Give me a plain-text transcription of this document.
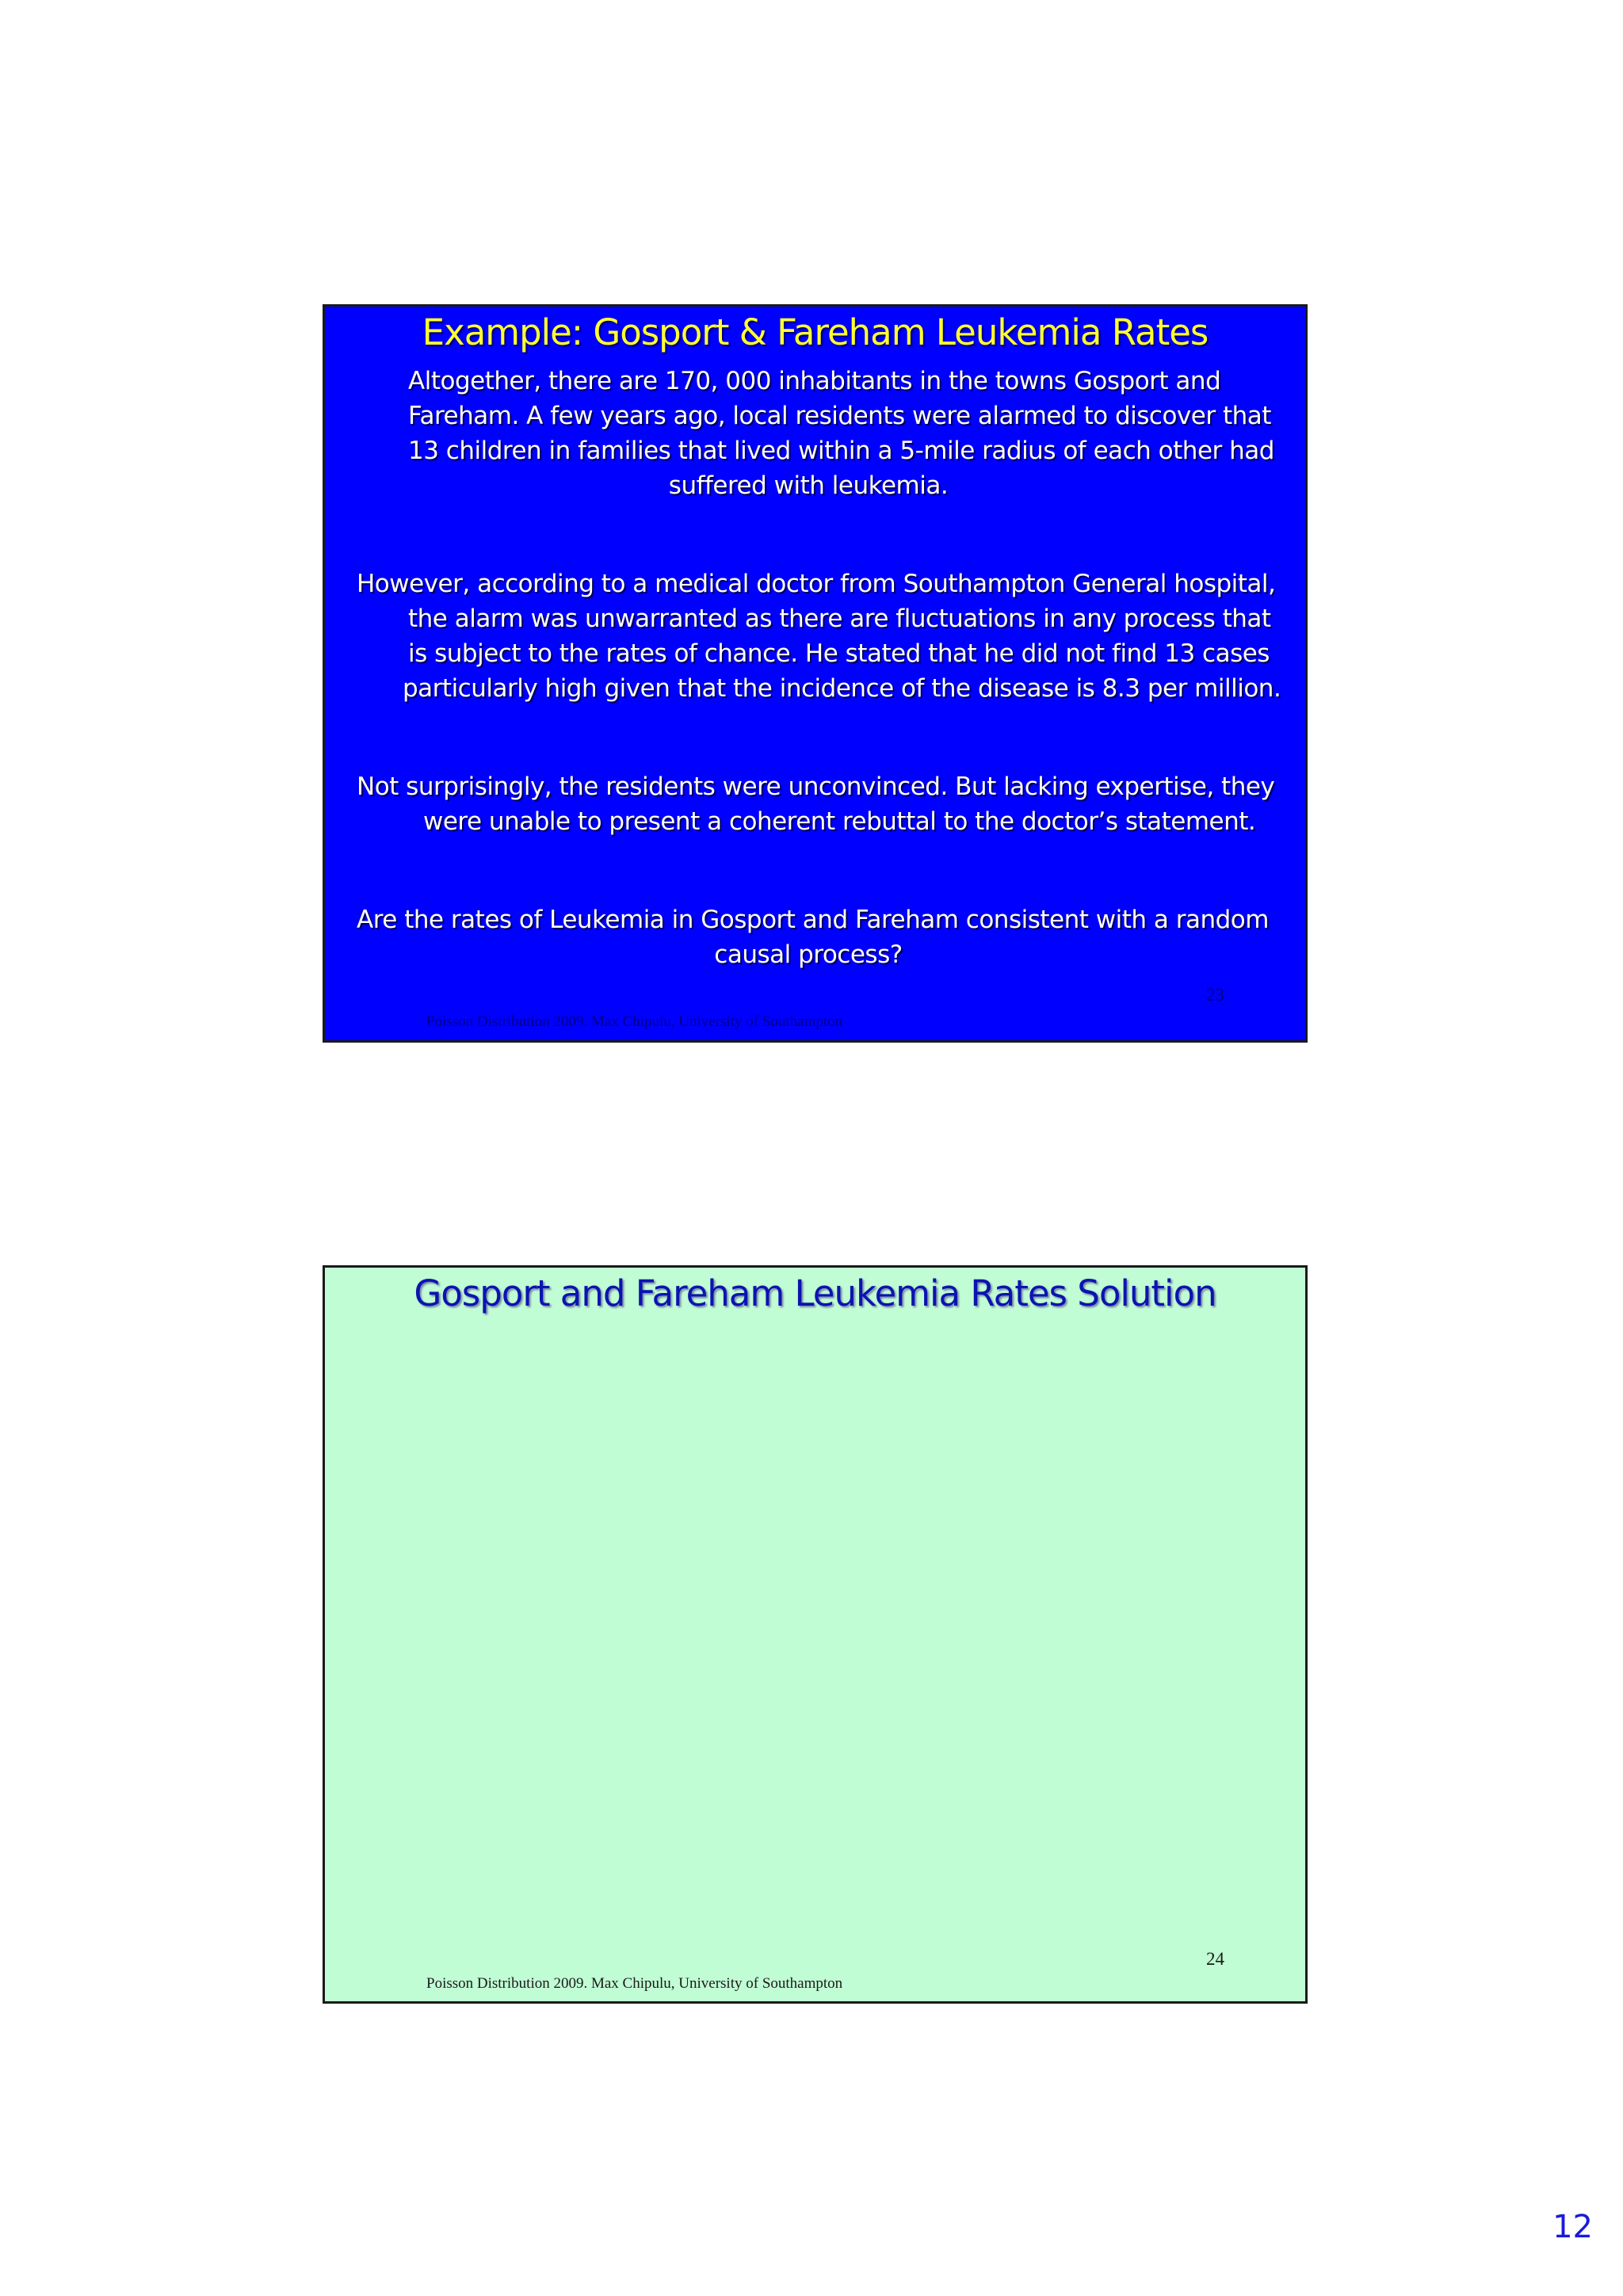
Example: Gosport & Fareham Leukemia Rates
Altogether, there are 170, 000 inhabitants in the towns Gosport and
Fareham. A few years ago, local residents were alarmed to discover that
13 children in families that lived within a 5-mile radius of each other had
suffered with leukemia.
However, according to a medical doctor from Southampton General hospital,
the alarm was unwarranted as there are fluctuations in any process that
is subject to the rates of chance. He stated that he did not find 13 cases
particularly high given that the incidence of the disease is 8.3 per million.
Not surprisingly, the residents were unconvinced. But lacking expertise, they
were unable to present a coherent rebuttal to the doctor’s statement.
Are the rates of Leukemia in Gosport and Fareham consistent with a random
causal process?
23
Poisson Distribution 2009. Max Chipulu, University of Southampton
Gosport and Fareham Leukemia Rates Solution
24
Poisson Distribution 2009. Max Chipulu, University of Southampton
12
